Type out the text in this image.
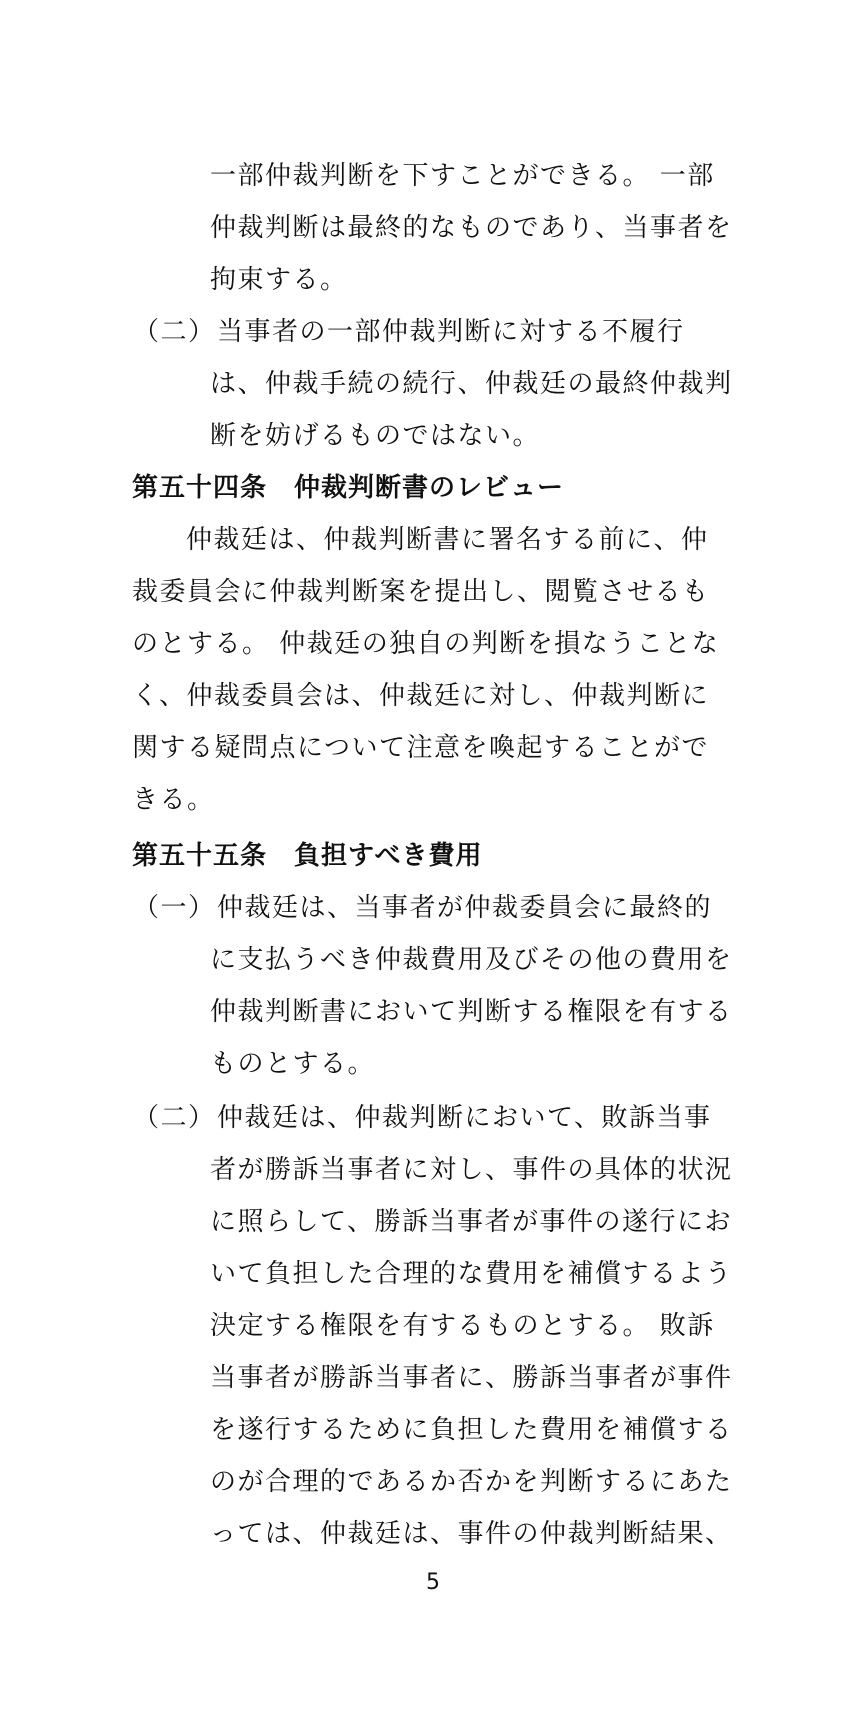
一部仲裁判断を下すことができる。 一部
仲裁判断は最終的なものであり、当事者を
拘束する。
（二） 当事者の一部仲裁判断に対する不履行
は、仲裁手続の続行、仲裁廷の最終仲裁判
断を妨げるものではない。
第五十四条　仲裁判断書のレビュー
仲裁廷は、仲裁判断書に署名する前に、仲
裁委員会に仲裁判断案を提出し、閲覧させるも
のとする。 仲裁廷の独自の判断を損なうことな
く、仲裁委員会は、仲裁廷に対し、仲裁判断に
関する疑問点について注意を喚起することがで
きる。
第五十五条　負担すべき費用
（一） 仲裁廷は、当事者が仲裁委員会に最終的
に支払うべき仲裁費用及びその他の費用を
仲裁判断書において判断する権限を有する
ものとする。
（二） 仲裁廷は、仲裁判断において、敗訴当事
者が勝訴当事者に対し、事件の具体的状況
に照らして、勝訴当事者が事件の遂行にお
いて負担した合理的な費用を補償するよう
決定する権限を有するものとする。 敗訴
当事者が勝訴当事者に、勝訴当事者が事件
を遂行するために負担した費用を補償する
のが合理的であるか否かを判断するにあた
っては、仲裁廷は、事件の仲裁判断結果、
5
